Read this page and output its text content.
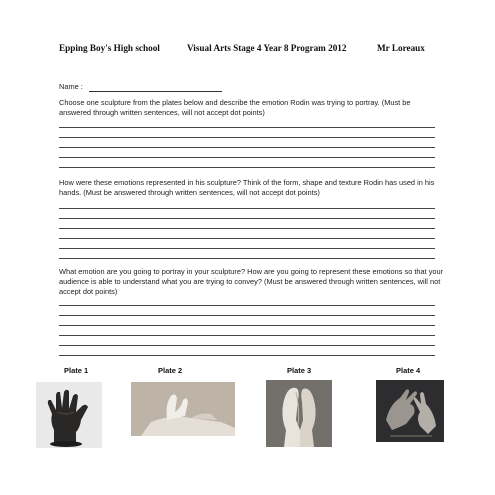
Epping Boy's High school	Visual Arts Stage 4 Year 8 Program 2012	Mr Loreaux
Name :
Choose one sculpture from the plates below and describe the emotion Rodin was trying to portray. (Must be answered through written sentences, will not accept dot points)
How were these emotions represented in his sculpture? Think of the form, shape and texture Rodin has used in his hands. (Must be answered through written sentences, will not accept dot points)
What emotion are you going to portray in your sculpture? How are you going to represent these emotions so that your audience is able to understand what you are trying to convey? (Must be answered through written sentences, will not accept dot points)
Plate 1	Plate 2	Plate 3	Plate 4
